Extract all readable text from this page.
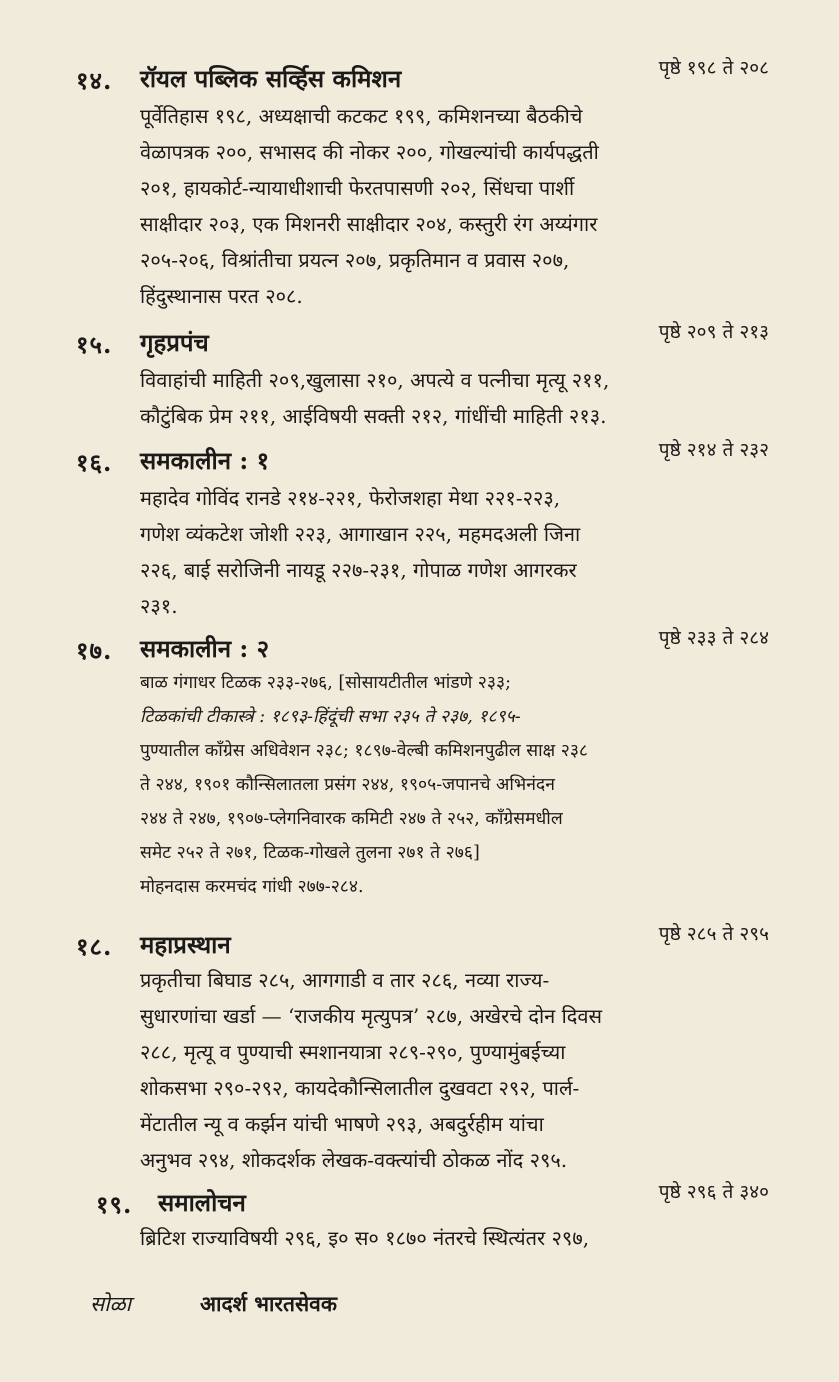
१४. रॉयल पब्लिक सर्व्हिस कमिशन	पृष्ठे १९८ ते २०८
पूर्वेतिहास १९८, अध्यक्षाची कटकट १९९, कमिशनच्या बैठकीचे
वेळापत्रक २००, सभासद की नोकर २००, गोखल्यांची कार्यपद्धती
२०१, हायकोर्ट-न्यायाधीशाची फेरतपासणी २०२, सिंधचा पार्शी
साक्षीदार २०३, एक मिशनरी साक्षीदार २०४, कस्तुरी रंग अय्यंगार
२०५-२०६, विश्रांतीचा प्रयत्न २०७, प्रकृतिमान व प्रवास २०७,
हिंदुस्थानास परत २०८.
१५. गृहप्रपंच	पृष्ठे २०९ ते २१३
विवाहांची माहिती २०९,खुलासा २१०, अपत्ये व पत्नीचा मृत्यू २११,
कौटुंबिक प्रेम २११, आईविषयी सक्ती २१२, गांधींची माहिती २१३.
१६. समकालीन : १	पृष्ठे २१४ ते २३२
महादेव गोविंद रानडे २१४-२२१, फेरोजशहा मेथा २२१-२२३,
गणेश व्यंकटेश जोशी २२३, आगाखान २२५, महमदअली जिना
२२६, बाई सरोजिनी नायडू २२७-२३१, गोपाळ गणेश आगरकर
२३१.
१७. समकालीन : २	पृष्ठे २३३ ते २८४
बाळ गंगाधर टिळक २३३-२७६, [सोसायटीतील भांडणे २३३;
टिळकांची टीकास्त्रे : १८९३-हिंदूंची सभा २३५ ते २३७, १८९५-
पुण्यातील काँग्रेस अधिवेशन २३८; १८९७-वेल्बी कमिशनपुढील साक्ष २३८
ते २४४, १९०१ कौन्सिलातला प्रसंग २४४, १९०५-जपानचे अभिनंदन
२४४ ते २४७, १९०७-प्लेगनिवारक कमिटी २४७ ते २५२, काँग्रेसमधील
समेट २५२ ते २७१, टिळक-गोखले तुलना २७१ ते २७६]
मोहनदास करमचंद गांधी २७७-२८४.
१८. महाप्रस्थान	पृष्ठे २८५ ते २९५
प्रकृतीचा बिघाड २८५, आगगाडी व तार २८६, नव्या राज्य-
सुधारणांचा खर्डा — ‘राजकीय मृत्युपत्र’ २८७, अखेरचे दोन दिवस
२८८, मृत्यू व पुण्याची स्मशानयात्रा २८९-२९०, पुण्यामुंबईच्या
शोकसभा २९०-२९२, कायदेकौन्सिलातील दुखवटा २९२, पार्ल-
मेंटातील न्यू व कर्झन यांची भाषणे २९३, अबदुर्रहीम यांचा
अनुभव २९४, शोकदर्शक लेखक-वक्त्यांची ठोकळ नोंद २९५.
१९. समालोचन	पृष्ठे २९६ ते ३४०
ब्रिटिश राज्याविषयी २९६, इ० स० १८७० नंतरचे स्थित्यंतर २९७,
सोळा	आदर्श भारतसेवक
